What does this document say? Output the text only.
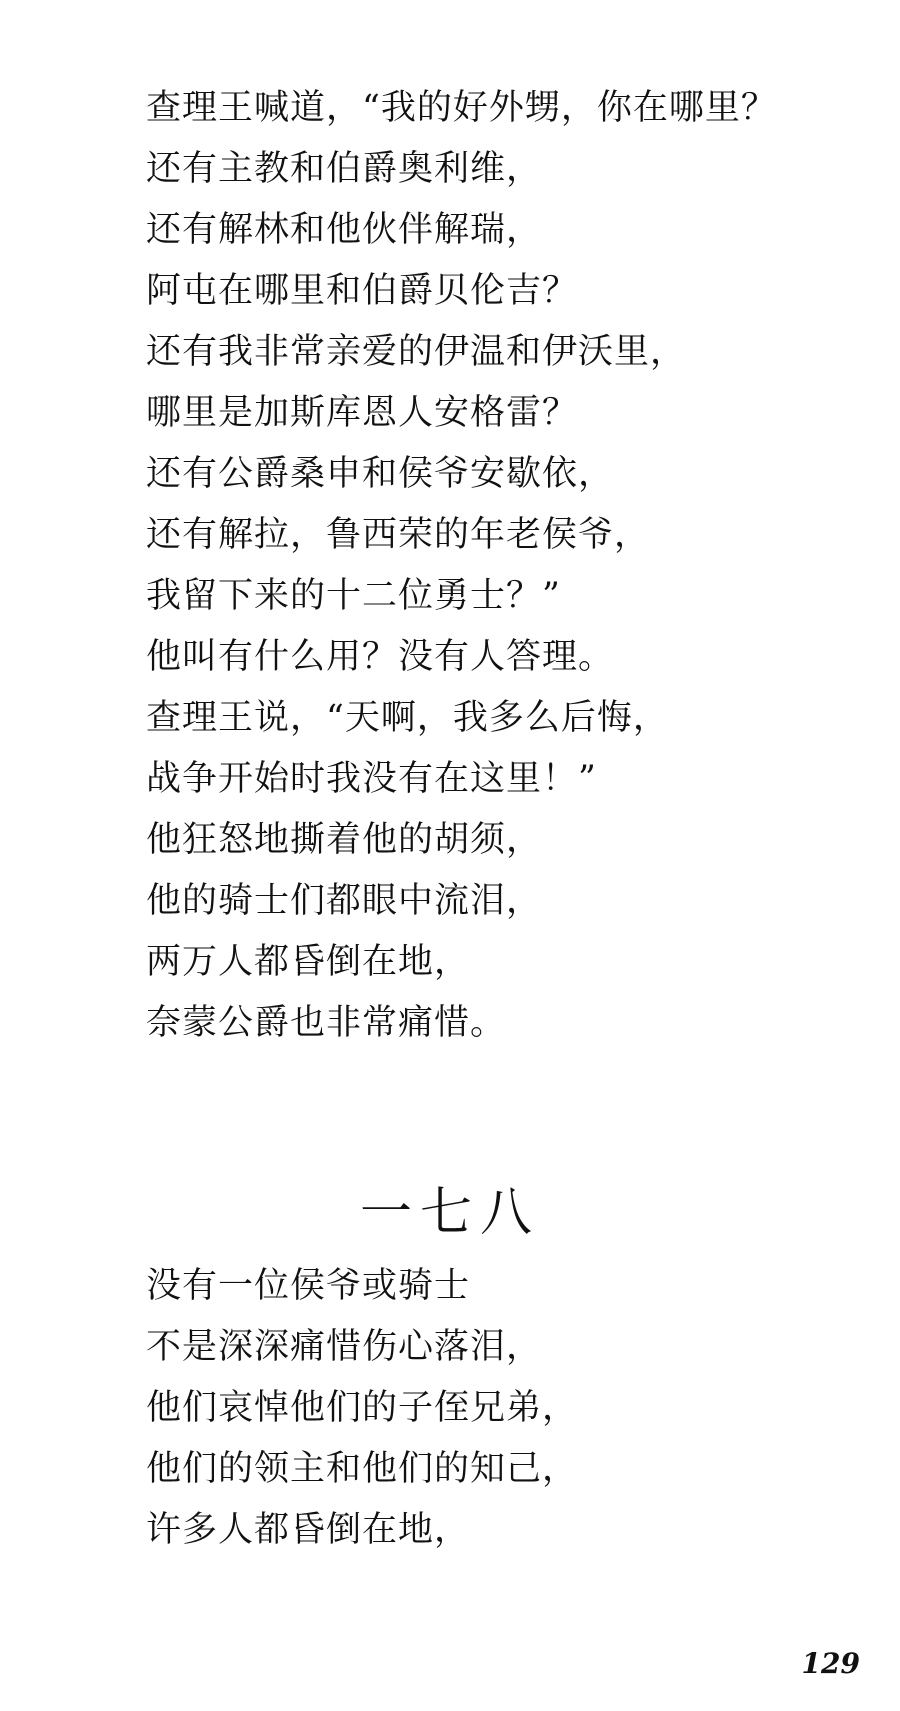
查理王喊道，“我的好外甥，你在哪里？
还有主教和伯爵奥利维，
还有解林和他伙伴解瑞，
阿屯在哪里和伯爵贝伦吉？
还有我非常亲爱的伊温和伊沃里，
哪里是加斯库恩人安格雷？
还有公爵桑申和侯爷安歇依，
还有解拉，鲁西荣的年老侯爷，
我留下来的十二位勇士？”
他叫有什么用？没有人答理。
查理王说，“天啊，我多么后悔，
战争开始时我没有在这里！”
他狂怒地撕着他的胡须，
他的骑士们都眼中流泪，
两万人都昏倒在地，
奈蒙公爵也非常痛惜。
一七八
没有一位侯爷或骑士
不是深深痛惜伤心落泪，
他们哀悼他们的子侄兄弟，
他们的领主和他们的知己，
许多人都昏倒在地，
129
